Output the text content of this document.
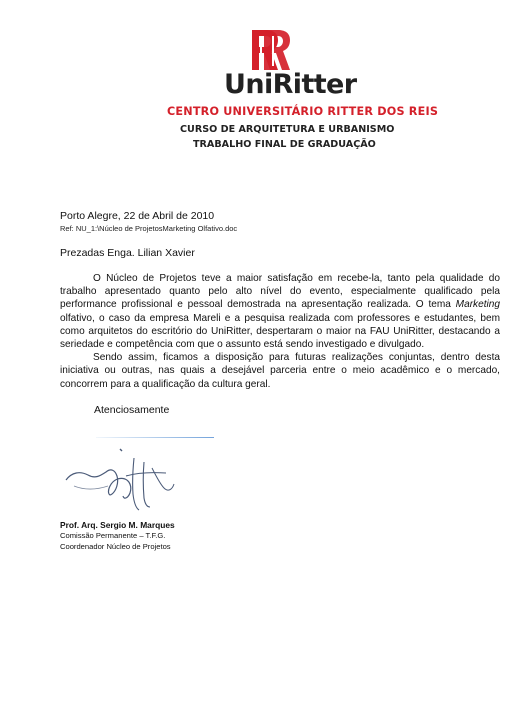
UniRitter
CENTRO UNIVERSITÁRIO RITTER DOS REIS
CURSO DE ARQUITETURA E URBANISMO
TRABALHO FINAL DE GRADUAÇÃO
Porto Alegre, 22 de Abril de 2010
Ref: NU_1:\Núcleo de ProjetosMarketing Olfativo.doc
Prezadas Enga. Lilian Xavier

O Núcleo de Projetos teve a maior satisfação em recebe-la, tanto pela qualidade do trabalho apresentado quanto pelo alto nível do evento, especialmente qualificado pela performance profissional e pessoal demostrada na apresentação realizada. O tema Marketing olfativo, o caso da empresa Mareli e a pesquisa realizada com professores e estudantes, bem como arquitetos do escritório do UniRitter, despertaram o maior na FAU UniRitter, destacando a seriedade e competência com que o assunto está sendo investigado e divulgado.

Sendo assim, ficamos a disposição para futuras realizações conjuntas, dentro desta iniciativa ou outras, nas quais a desejável parceria entre o meio acadêmico e o mercado, concorrem para a qualificação da cultura geral.

Atenciosamente
Prof. Arq. Sergio M. Marques
Comissão Permanente – T.F.G.
Coordenador Núcleo de Projetos
